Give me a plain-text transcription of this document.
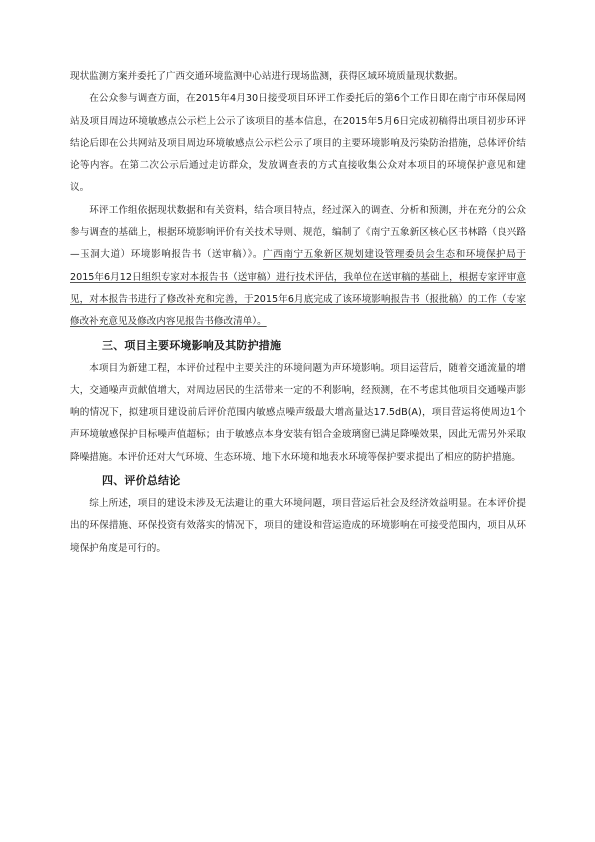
现状监测方案并委托了广西交通环境监测中心站进行现场监测，获得区域环境质量现状数据。

在公众参与调查方面，在2015年4月30日接受项目环评工作委托后的第6个工作日即在南宁市环保局网站及项目周边环境敏感点公示栏上公示了该项目的基本信息，在2015年5月6日完成初稿得出项目初步环评结论后即在公共网站及项目周边环境敏感点公示栏公示了项目的主要环境影响及污染防治措施，总体评价结论等内容。在第二次公示后通过走访群众，发放调查表的方式直接收集公众对本项目的环境保护意见和建议。

环评工作组依据现状数据和有关资料，结合项目特点，经过深入的调查、分析和预测，并在充分的公众参与调查的基础上，根据环境影响评价有关技术导则、规范，编制了《南宁五象新区核心区书林路（良兴路—玉洞大道）环境影响报告书（送审稿）》。广西南宁五象新区规划建设管理委员会生态和环境保护局于2015年6月12日组织专家对本报告书（送审稿）进行技术评估，我单位在送审稿的基础上，根据专家评审意见，对本报告书进行了修改补充和完善，于2015年6月底完成了该环境影响报告书（报批稿）的工作（专家修改补充意见及修改内容见报告书修改清单）。

三、项目主要环境影响及其防护措施

本项目为新建工程，本评价过程中主要关注的环境问题为声环境影响。项目运营后，随着交通流量的增大，交通噪声贡献值增大，对周边居民的生活带来一定的不利影响，经预测，在不考虑其他项目交通噪声影响的情况下，拟建项目建设前后评价范围内敏感点噪声级最大增高量达17.5dB(A)，项目营运将使周边1个声环境敏感保护目标噪声值超标；由于敏感点本身安装有铝合金玻璃窗已满足降噪效果，因此无需另外采取降噪措施。本评价还对大气环境、生态环境、地下水环境和地表水环境等保护要求提出了相应的防护措施。

四、评价总结论

综上所述，项目的建设未涉及无法避让的重大环境问题，项目营运后社会及经济效益明显。在本评价提出的环保措施、环保投资有效落实的情况下，项目的建设和营运造成的环境影响在可接受范围内，项目从环境保护角度是可行的。
